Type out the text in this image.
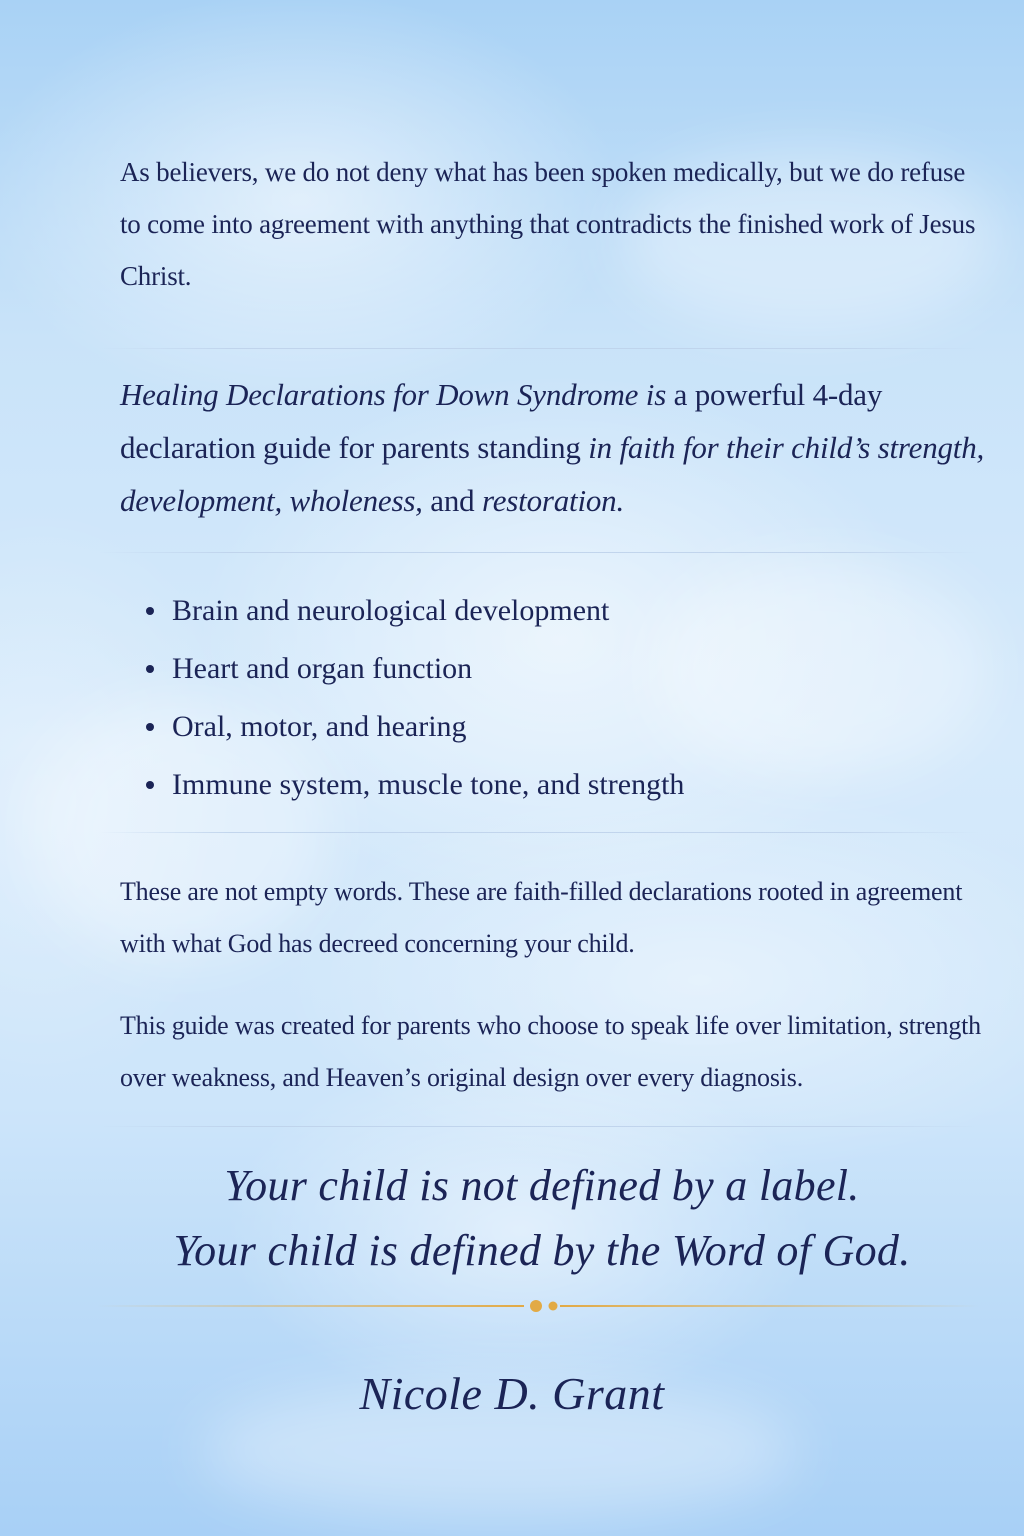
As believers, we do not deny what has been spoken medically, but we do refuse to come into agreement with anything that contradicts the finished work of Jesus Christ.

Healing Declarations for Down Syndrome is a powerful 4-day declaration guide for parents standing in faith for their child’s strength, development, wholeness, and restoration.

Brain and neurological development
Heart and organ function
Oral, motor, and hearing
Immune system, muscle tone, and strength

These are not empty words. These are faith-filled declarations rooted in agreement with what God has decreed concerning your child.

This guide was created for parents who choose to speak life over limitation, strength over weakness, and Heaven’s original design over every diagnosis.

Your child is not defined by a label.

Your child is defined by the Word of God.

Nicole D. Grant
